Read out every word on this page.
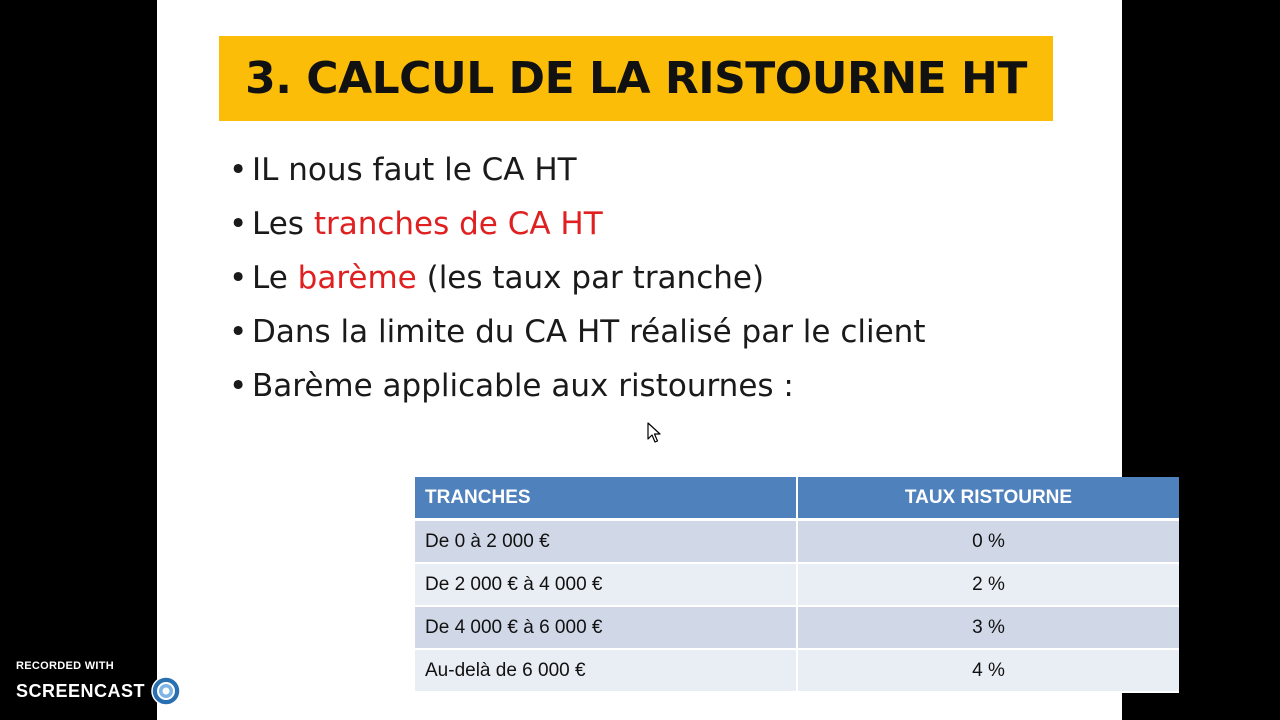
3. CALCUL DE LA RISTOURNE HT
• IL nous faut le CA HT
• Les tranches de CA HT
• Le barème (les taux par tranche)
• Dans la limite du CA HT réalisé par le client
• Barème applicable aux ristournes :
TRANCHES	TAUX RISTOURNE
De 0 à 2 000 €	0 %
De 2 000 € à 4 000 €	2 %
De 4 000 € à 6 000 €	3 %
Au-delà de 6 000 €	4 %
RECORDED WITH
SCREENCAST MATIC
